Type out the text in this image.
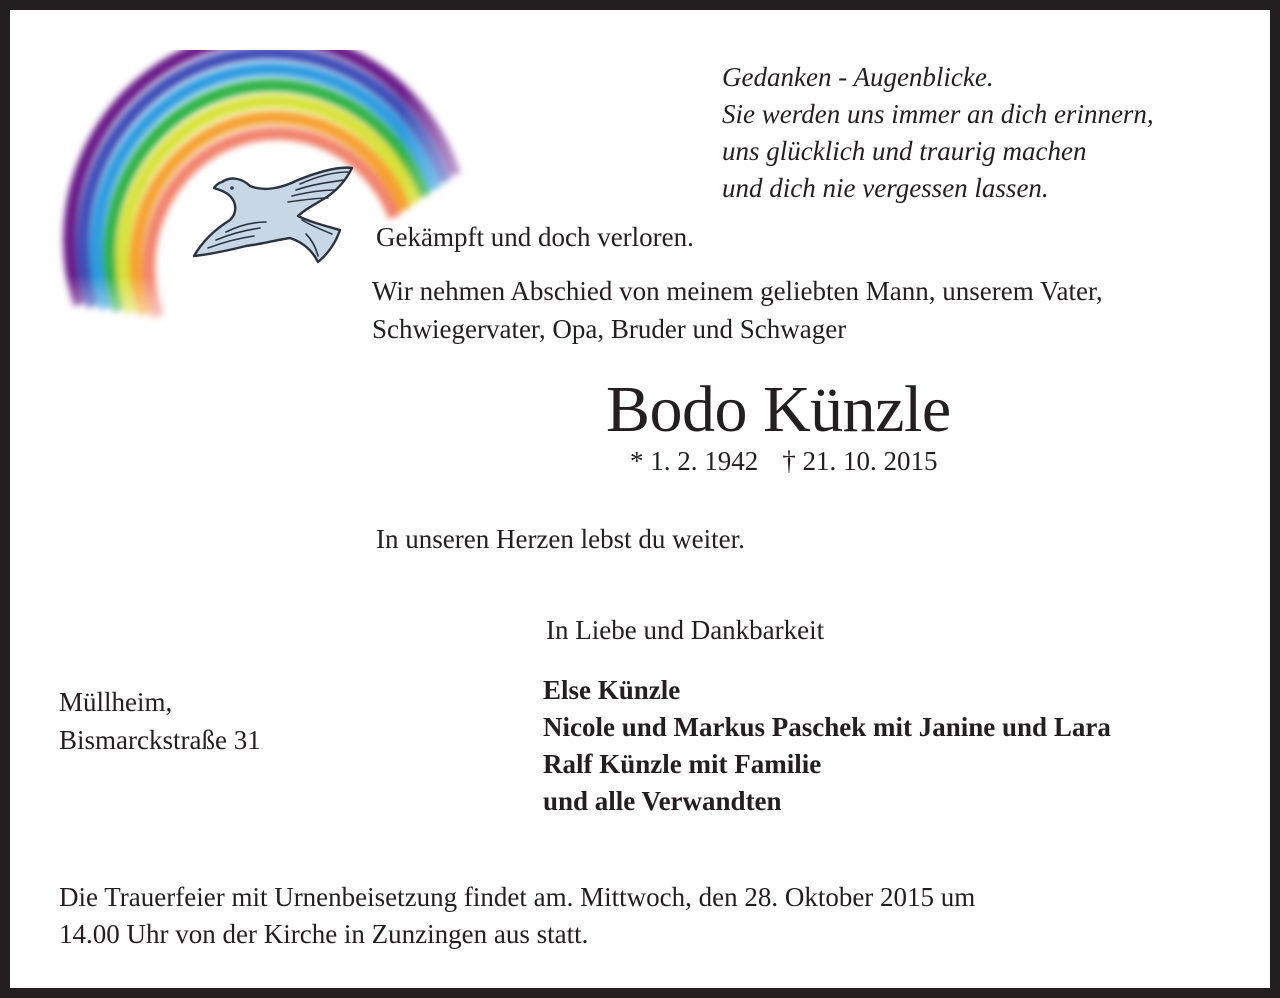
Gedanken - Augenblicke.
Sie werden uns immer an dich erinnern,
uns glücklich und traurig machen
und dich nie vergessen lassen.
Gekämpft und doch verloren.
Wir nehmen Abschied von meinem geliebten Mann, unserem Vater,
Schwiegervater, Opa, Bruder und Schwager
Bodo Künzle
* 1. 2. 1942 † 21. 10. 2015
In unseren Herzen lebst du weiter.
In Liebe und Dankbarkeit
Müllheim,
Bismarckstraße 31
Else Künzle
Nicole und Markus Paschek mit Janine und Lara
Ralf Künzle mit Familie
und alle Verwandten
Die Trauerfeier mit Urnenbeisetzung findet am. Mittwoch, den 28. Oktober 2015 um
14.00 Uhr von der Kirche in Zunzingen aus statt.
